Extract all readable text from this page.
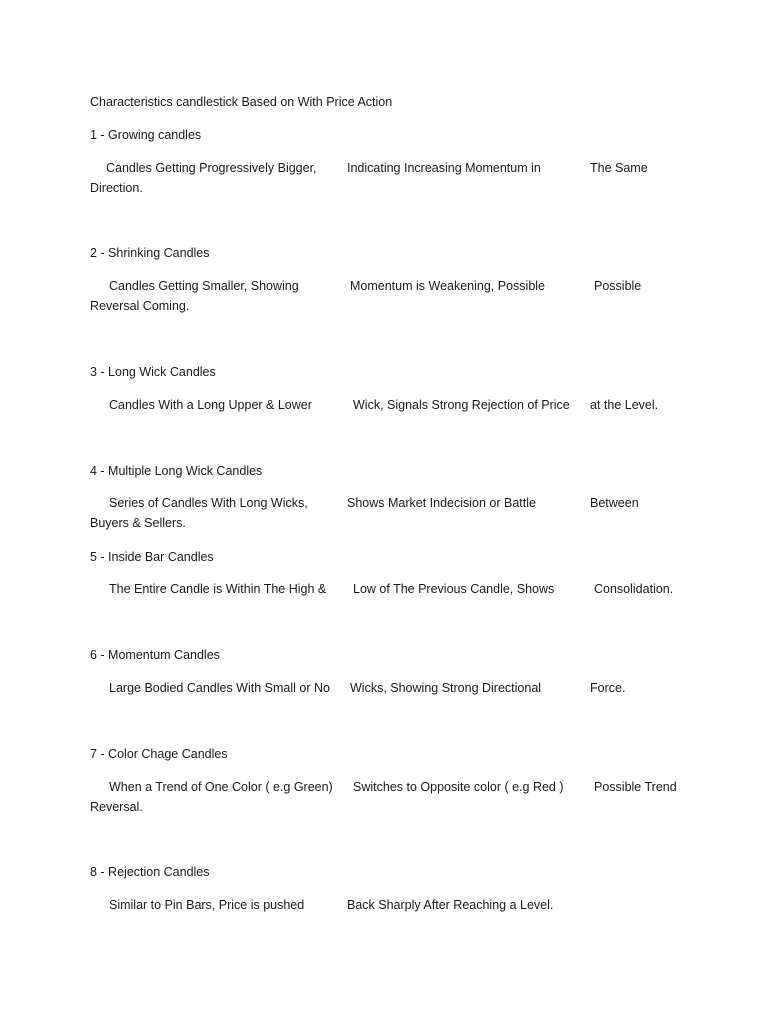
Characteristics candlestick Based on With Price Action
1 - Growing candles
Candles Getting Progressively Bigger, Indicating Increasing Momentum in	The Same
Direction.
2 - Shrinking Candles
Candles Getting Smaller, Showing	Momentum is Weakening, Possible	Possible
Reversal Coming.
3 - Long Wick Candles
Candles With a Long Upper & Lower	Wick, Signals Strong Rejection of Price at the Level.
4 - Multiple Long Wick Candles
Series of Candles With Long Wicks,	Shows Market Indecision or Battle	Between
Buyers & Sellers.
5 - Inside Bar Candles
The Entire Candle is Within The High & Low of The Previous Candle, Shows	Consolidation.
6 - Momentum Candles
Large Bodied Candles With Small or No Wicks, Showing Strong Directional	Force.
7 - Color Chage Candles
When a Trend of One Color ( e.g Green) Switches to Opposite color ( e.g Red ) Possible Trend
Reversal.
8 - Rejection Candles
Similar to Pin Bars, Price is pushed	Back Sharply After Reaching a Level.
